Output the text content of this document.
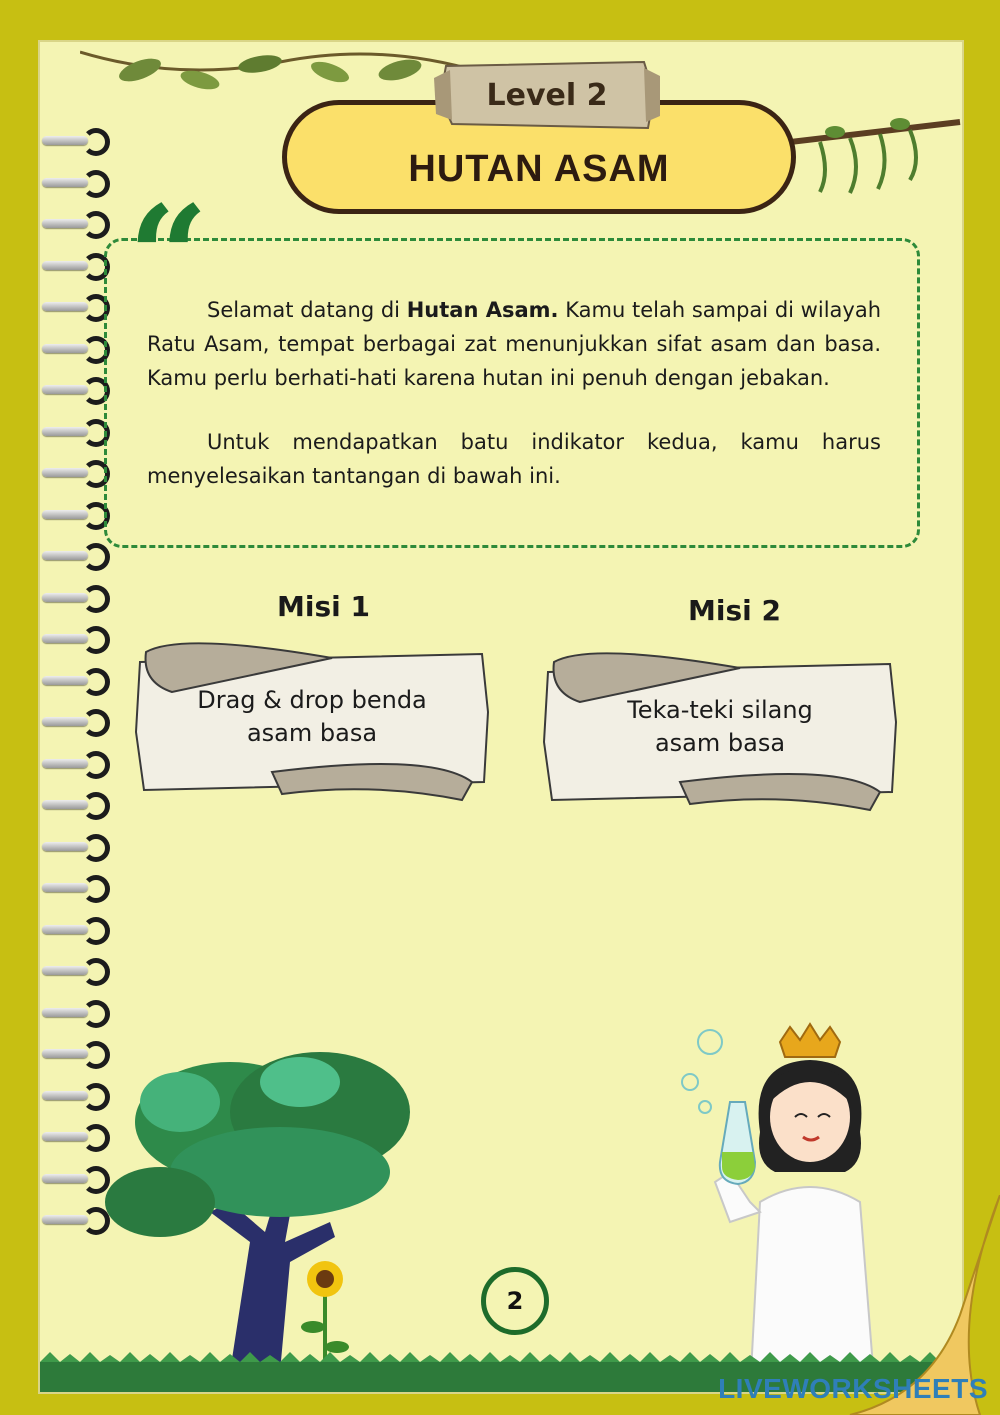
Level 2
HUTAN ASAM
“

Selamat datang di Hutan Asam. Kamu telah sampai di wilayah Ratu Asam, tempat berbagai zat menunjukkan sifat asam dan basa. Kamu perlu berhati-hati karena hutan ini penuh dengan jebakan.

Untuk mendapatkan batu indikator kedua, kamu harus menyelesaikan tantangan di bawah ini.

Misi 1
Drag & drop benda
asam basa
Misi 2
Teka-teki silang
asam basa
2
LIVEWORKSHEETS
